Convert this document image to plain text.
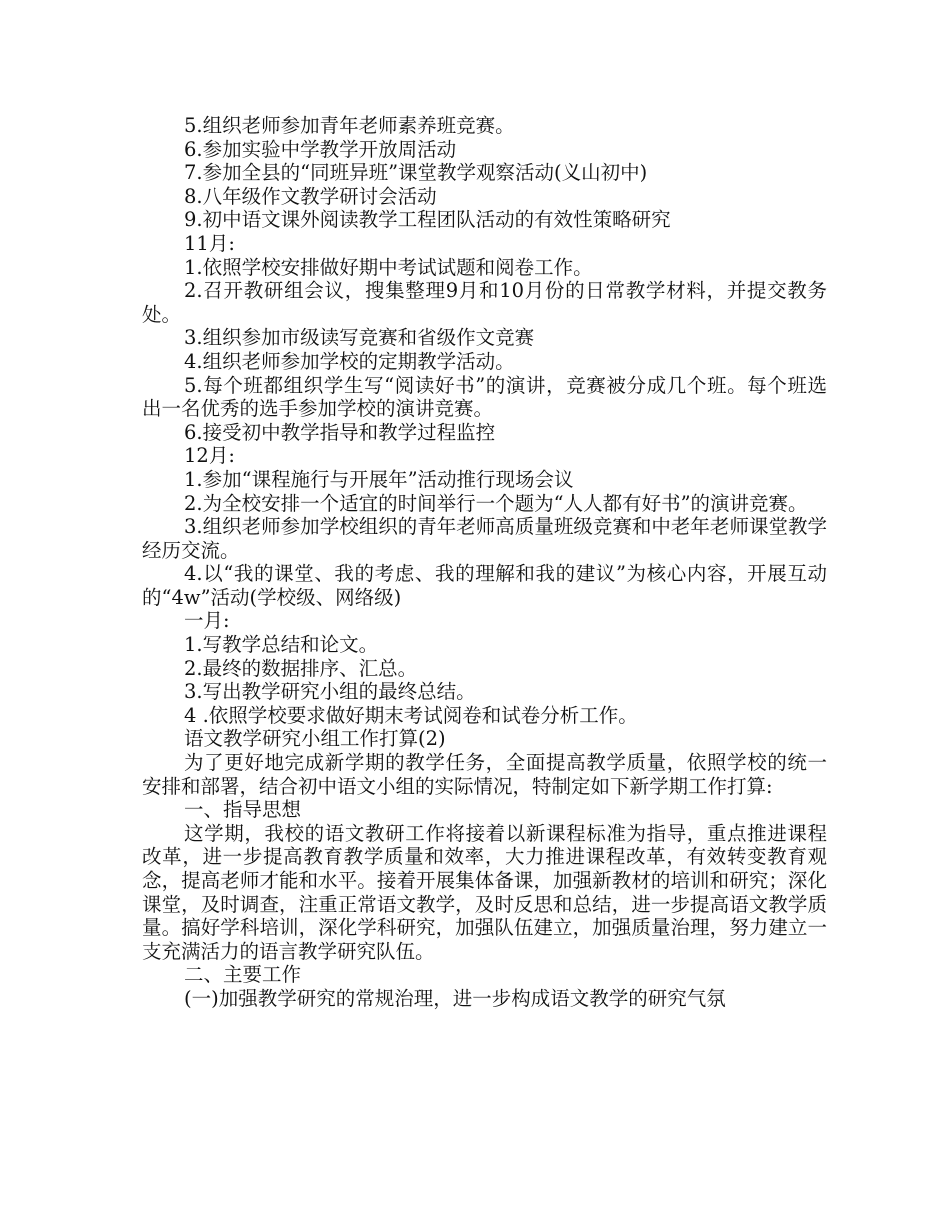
5.组织老师参加青年老师素养班竞赛。

6.参加实验中学教学开放周活动

7.参加全县的“同班异班”课堂教学观察活动(义山初中)

8.八年级作文教学研讨会活动

9.初中语文课外阅读教学工程团队活动的有效性策略研究

11月:

1.依照学校安排做好期中考试试题和阅卷工作。

2.召开教研组会议，搜集整理9月和10月份的日常教学材料，并提交教务处。

3.组织参加市级读写竞赛和省级作文竞赛

4.组织老师参加学校的定期教学活动。

5.每个班都组织学生写“阅读好书”的演讲，竞赛被分成几个班。每个班选出一名优秀的选手参加学校的演讲竞赛。

6.接受初中教学指导和教学过程监控

12月:

1.参加“课程施行与开展年”活动推行现场会议

2.为全校安排一个适宜的时间举行一个题为“人人都有好书”的演讲竞赛。

3.组织老师参加学校组织的青年老师高质量班级竞赛和中老年老师课堂教学经历交流。

4.以“我的课堂、我的考虑、我的理解和我的建议”为核心内容，开展互动的“4w”活动(学校级、网络级)

一月:

1.写教学总结和论文。

2.最终的数据排序、汇总。

3.写出教学研究小组的最终总结。

4 .依照学校要求做好期末考试阅卷和试卷分析工作。

语文教学研究小组工作打算(2)

为了更好地完成新学期的教学任务，全面提高教学质量，依照学校的统一安排和部署，结合初中语文小组的实际情况，特制定如下新学期工作打算:

一、指导思想

这学期，我校的语文教研工作将接着以新课程标准为指导，重点推进课程改革，进一步提高教育教学质量和效率，大力推进课程改革，有效转变教育观念，提高老师才能和水平。接着开展集体备课，加强新教材的培训和研究；深化课堂，及时调查，注重正常语文教学，及时反思和总结，进一步提高语文教学质量。搞好学科培训，深化学科研究，加强队伍建立，加强质量治理，努力建立一支充满活力的语言教学研究队伍。

二、主要工作

(一)加强教学研究的常规治理，进一步构成语文教学的研究气氛
